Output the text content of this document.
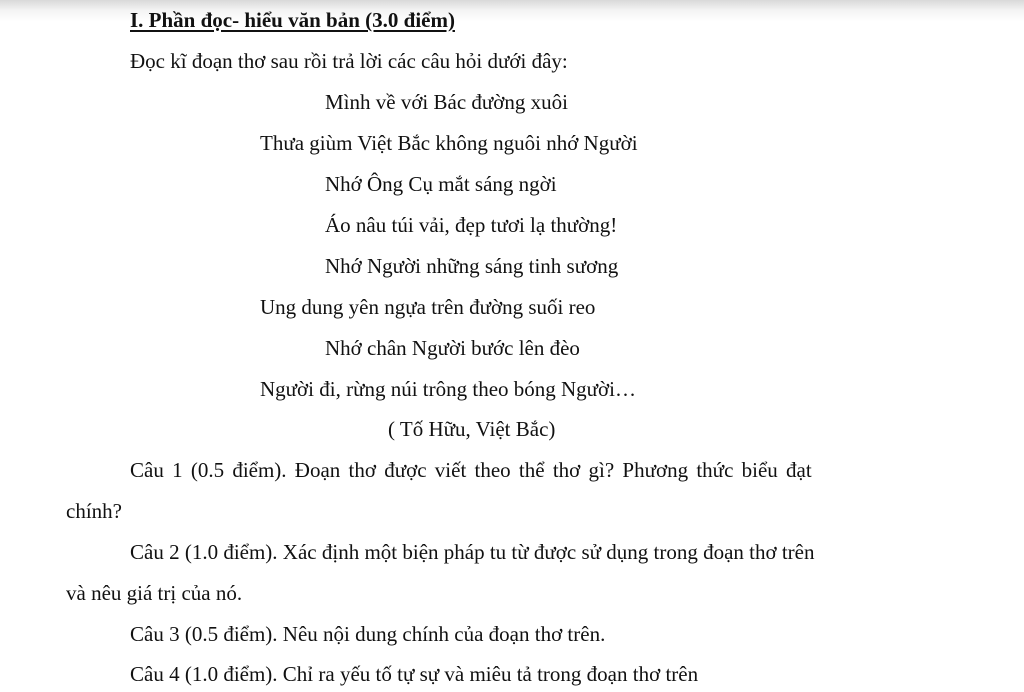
I. Phần đọc- hiểu văn bản (3.0 điểm)
Đọc kĩ đoạn thơ sau rồi trả lời các câu hỏi dưới đây:
Mình về với Bác đường xuôi
Thưa giùm Việt Bắc không nguôi nhớ Người
Nhớ Ông Cụ mắt sáng ngời
Áo nâu túi vải, đẹp tươi lạ thường!
Nhớ Người những sáng tinh sương
Ung dung yên ngựa trên đường suối reo
Nhớ chân Người bước lên đèo
Người đi, rừng núi trông theo bóng Người…
( Tố Hữu, Việt Bắc)
Câu 1 (0.5 điểm). Đoạn thơ được viết theo thể thơ gì? Phương thức biểu đạt
chính?
Câu 2 (1.0 điểm). Xác định một biện pháp tu từ được sử dụng trong đoạn thơ trên
và nêu giá trị của nó.
Câu 3 (0.5 điểm). Nêu nội dung chính của đoạn thơ trên.
Câu 4 (1.0 điểm). Chỉ ra yếu tố tự sự và miêu tả trong đoạn thơ trên
